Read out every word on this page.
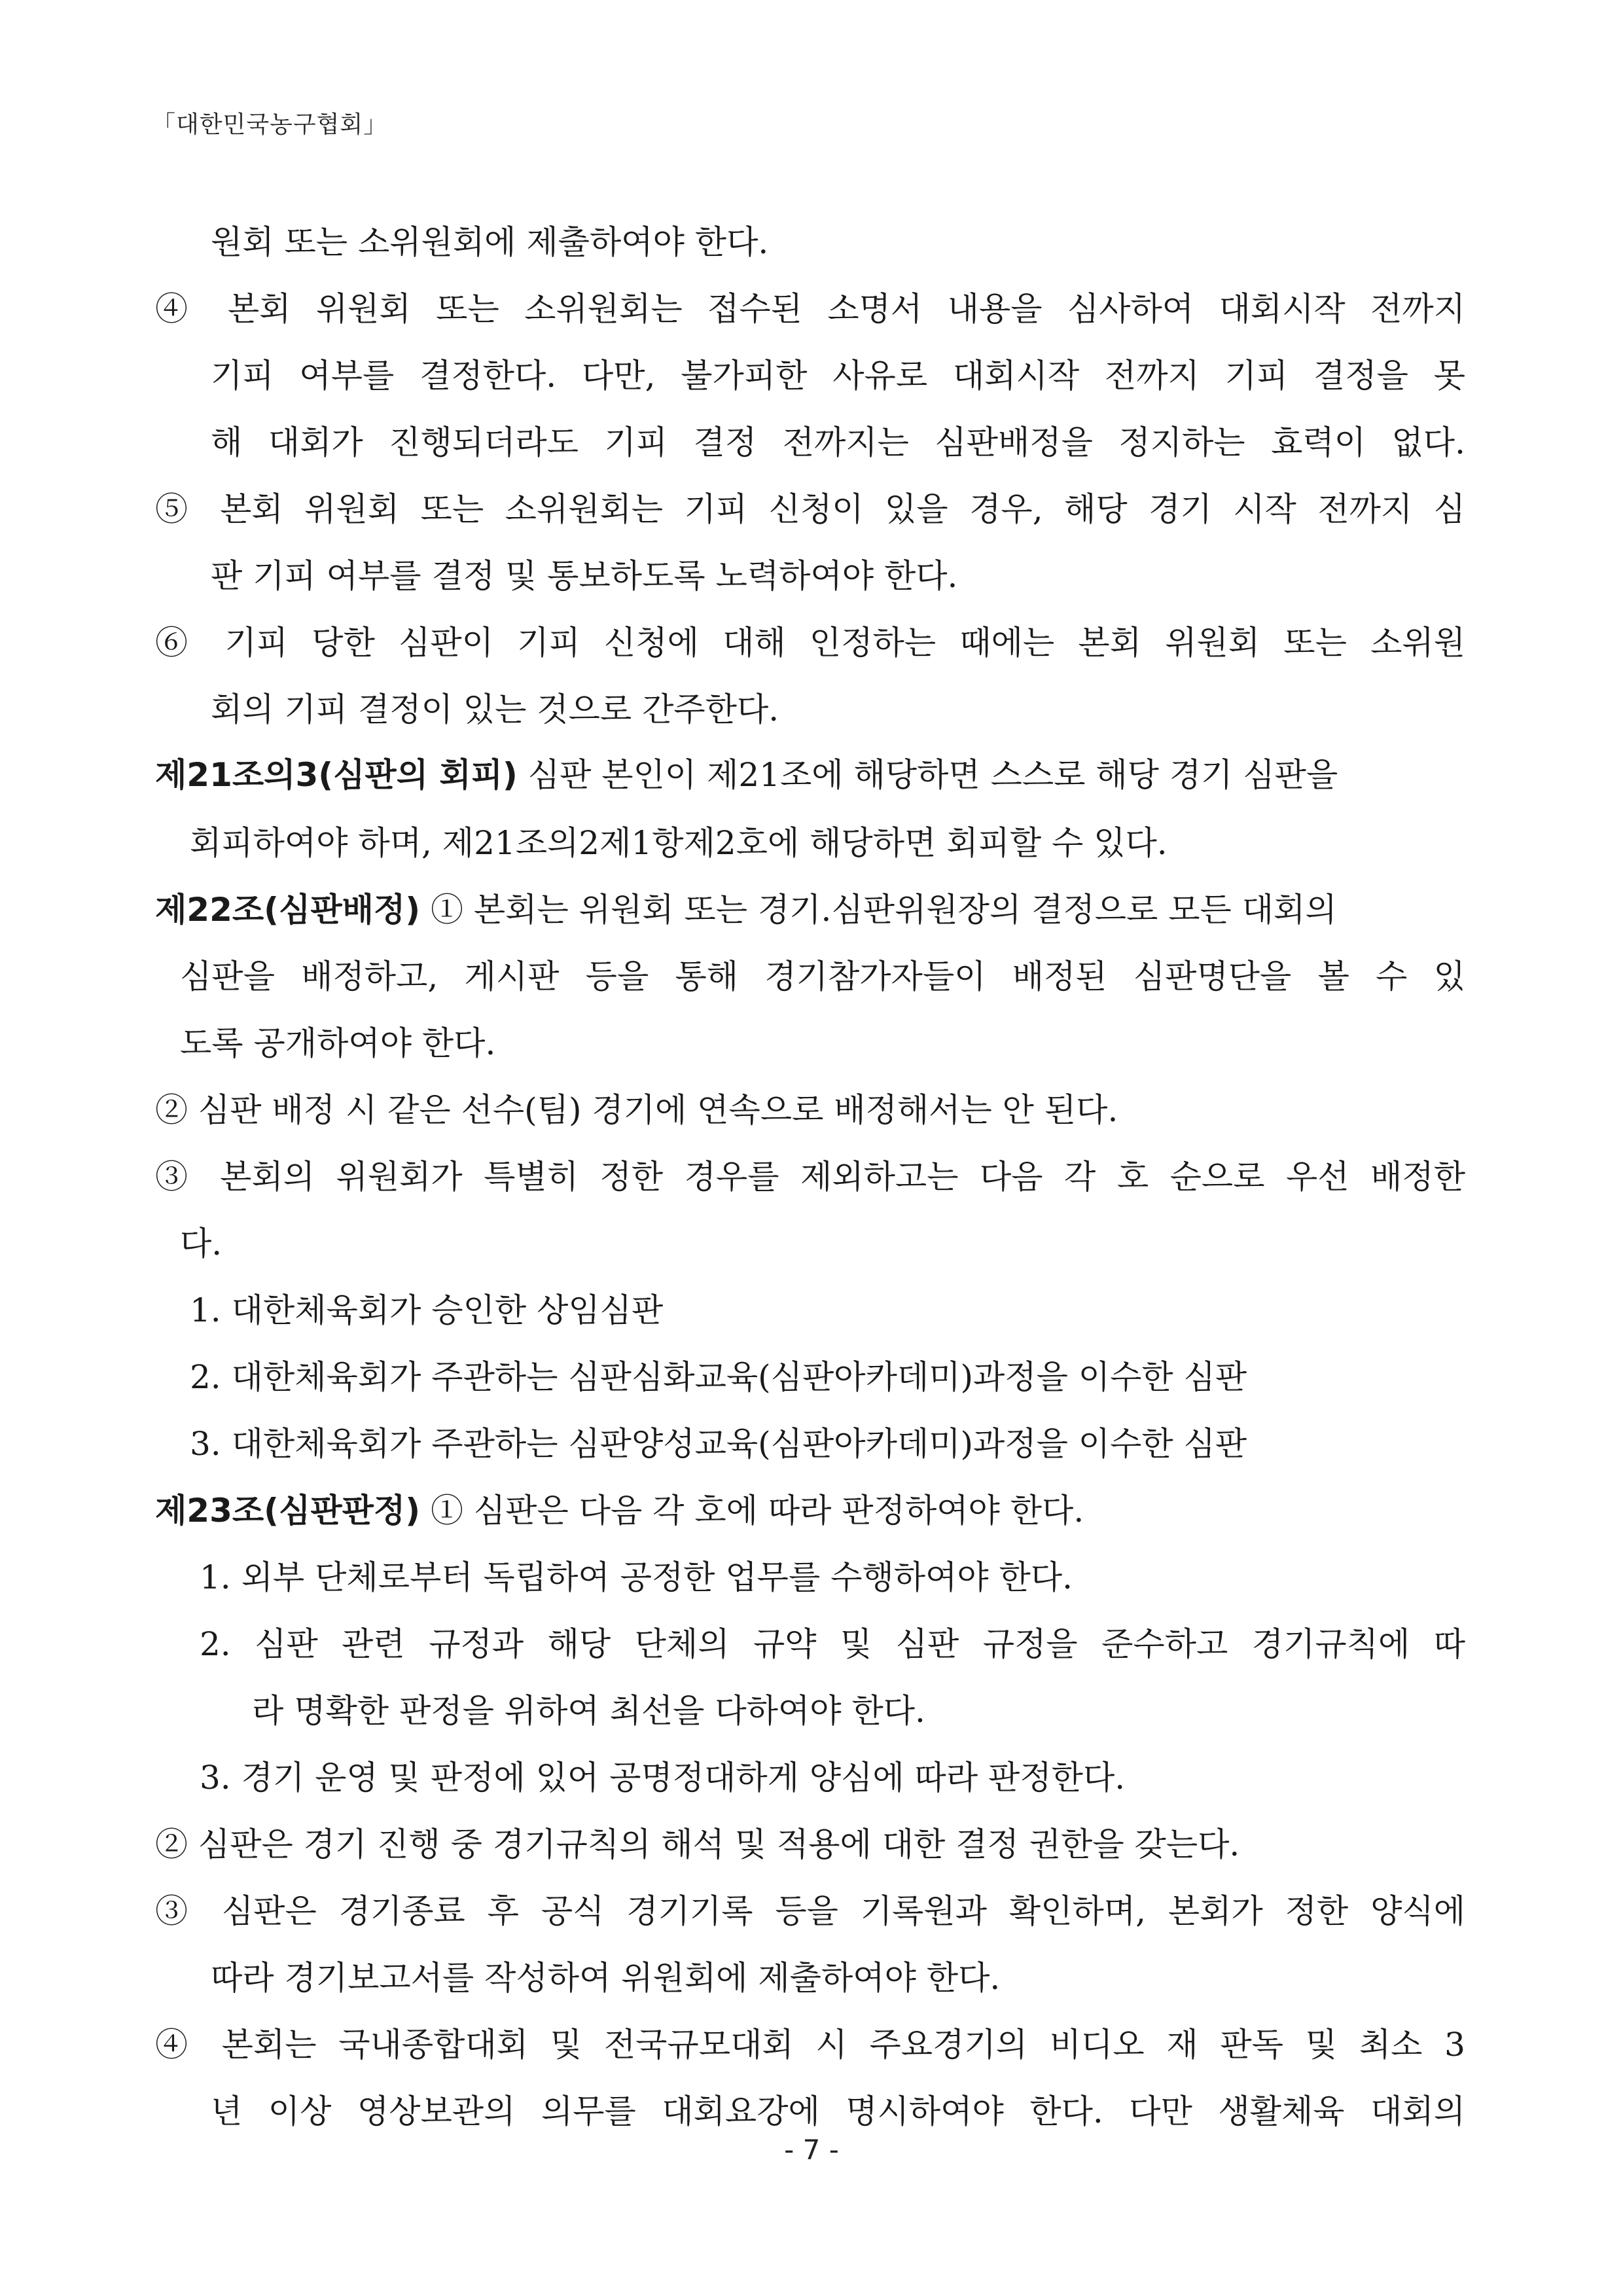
「대한민국농구협회」
원회 또는 소위원회에 제출하여야 한다.
④ 본회 위원회 또는 소위원회는 접수된 소명서 내용을 심사하여 대회시작 전까지
기피 여부를 결정한다. 다만, 불가피한 사유로 대회시작 전까지 기피 결정을 못
해 대회가 진행되더라도 기피 결정 전까지는 심판배정을 정지하는 효력이 없다.
⑤ 본회 위원회 또는 소위원회는 기피 신청이 있을 경우, 해당 경기 시작 전까지 심
판 기피 여부를 결정 및 통보하도록 노력하여야 한다.
⑥ 기피 당한 심판이 기피 신청에 대해 인정하는 때에는 본회 위원회 또는 소위원
회의 기피 결정이 있는 것으로 간주한다.
제21조의3(심판의 회피) 심판 본인이 제21조에 해당하면 스스로 해당 경기 심판을
회피하여야 하며, 제21조의2제1항제2호에 해당하면 회피할 수 있다.
제22조(심판배정) ① 본회는 위원회 또는 경기.심판위원장의 결정으로 모든 대회의
심판을 배정하고, 게시판 등을 통해 경기참가자들이 배정된 심판명단을 볼 수 있
도록 공개하여야 한다.
② 심판 배정 시 같은 선수(팀) 경기에 연속으로 배정해서는 안 된다.
③ 본회의 위원회가 특별히 정한 경우를 제외하고는 다음 각 호 순으로 우선 배정한
다.
1. 대한체육회가 승인한 상임심판
2. 대한체육회가 주관하는 심판심화교육(심판아카데미)과정을 이수한 심판
3. 대한체육회가 주관하는 심판양성교육(심판아카데미)과정을 이수한 심판
제23조(심판판정) ① 심판은 다음 각 호에 따라 판정하여야 한다.
1. 외부 단체로부터 독립하여 공정한 업무를 수행하여야 한다.
2. 심판 관련 규정과 해당 단체의 규약 및 심판 규정을 준수하고 경기규칙에 따
라 명확한 판정을 위하여 최선을 다하여야 한다.
3. 경기 운영 및 판정에 있어 공명정대하게 양심에 따라 판정한다.
② 심판은 경기 진행 중 경기규칙의 해석 및 적용에 대한 결정 권한을 갖는다.
③ 심판은 경기종료 후 공식 경기기록 등을 기록원과 확인하며, 본회가 정한 양식에
따라 경기보고서를 작성하여 위원회에 제출하여야 한다.
④ 본회는 국내종합대회 및 전국규모대회 시 주요경기의 비디오 재 판독 및 최소 3
년 이상 영상보관의 의무를 대회요강에 명시하여야 한다. 다만 생활체육 대회의
- 7 -
